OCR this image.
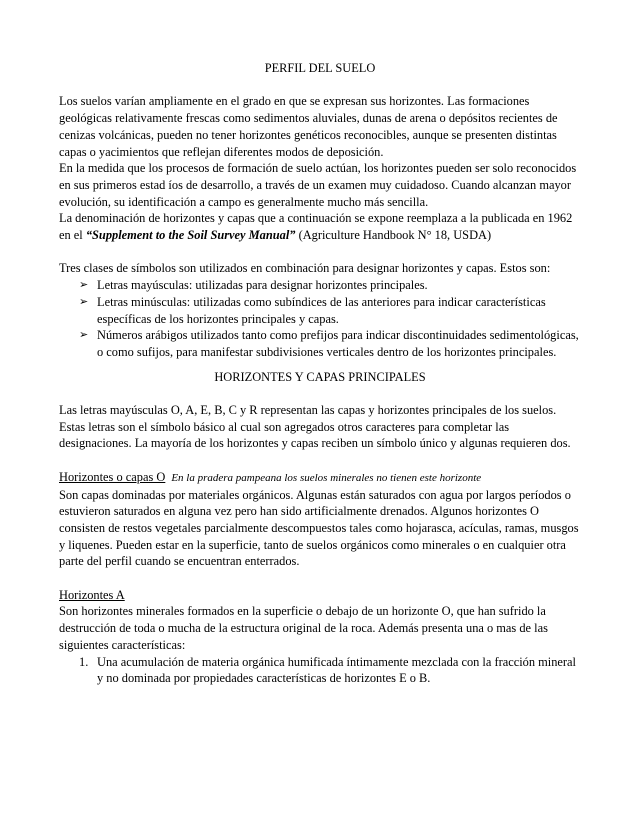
PERFIL DEL SUELO

Los suelos varían ampliamente en el grado en que se expresan sus horizontes. Las formaciones geológicas relativamente frescas como sedimentos aluviales, dunas de arena o depósitos recientes de cenizas volcánicas, pueden no tener horizontes genéticos reconocibles, aunque se presenten distintas capas o yacimientos que reflejan diferentes modos de deposición.

En la medida que los procesos de formación de suelo actúan, los horizontes pueden ser solo reconocidos en sus primeros estad íos de desarrollo, a través de un examen muy cuidadoso. Cuando alcanzan mayor evolución, su identificación a campo es generalmente mucho más sencilla.

La denominación de horizontes y capas que a continuación se expone reemplaza a la publicada en 1962 en el “Supplement to the Soil Survey Manual” (Agriculture Handbook N° 18, USDA)

Tres clases de símbolos son utilizados en combinación para designar horizontes y capas. Estos son:

➢ Letras mayúsculas: utilizadas para designar horizontes principales.
➢ Letras minúsculas: utilizadas como subíndices de las anteriores para indicar características específicas de los horizontes principales y capas.
➢ Números arábigos utilizados tanto como prefijos para indicar discontinuidades sedimentológicas, o como sufijos, para manifestar subdivisiones verticales dentro de los horizontes principales.

HORIZONTES Y CAPAS PRINCIPALES

Las letras mayúsculas O, A, E, B, C y R representan las capas y horizontes principales de los suelos. Estas letras son el símbolo básico al cual son agregados otros caracteres para completar las designaciones. La mayoría de los horizontes y capas reciben un símbolo único y algunas requieren dos.

Horizontes o capas O En la pradera pampeana los suelos minerales no tienen este horizonte

Son capas dominadas por materiales orgánicos. Algunas están saturados con agua por largos períodos o estuvieron saturados en alguna vez pero han sido artificialmente drenados. Algunos horizontes O consisten de restos vegetales parcialmente descompuestos tales como hojarasca, acículas, ramas, musgos y liquenes. Pueden estar en la superficie, tanto de suelos orgánicos como minerales o en cualquier otra parte del perfil cuando se encuentran enterrados.

Horizontes A

Son horizontes minerales formados en la superficie o debajo de un horizonte O, que han sufrido la destrucción de toda o mucha de la estructura original de la roca. Además presenta una o mas de las siguientes características:

1. Una acumulación de materia orgánica humificada íntimamente mezclada con la fracción mineral y no dominada por propiedades características de horizontes E o B.
